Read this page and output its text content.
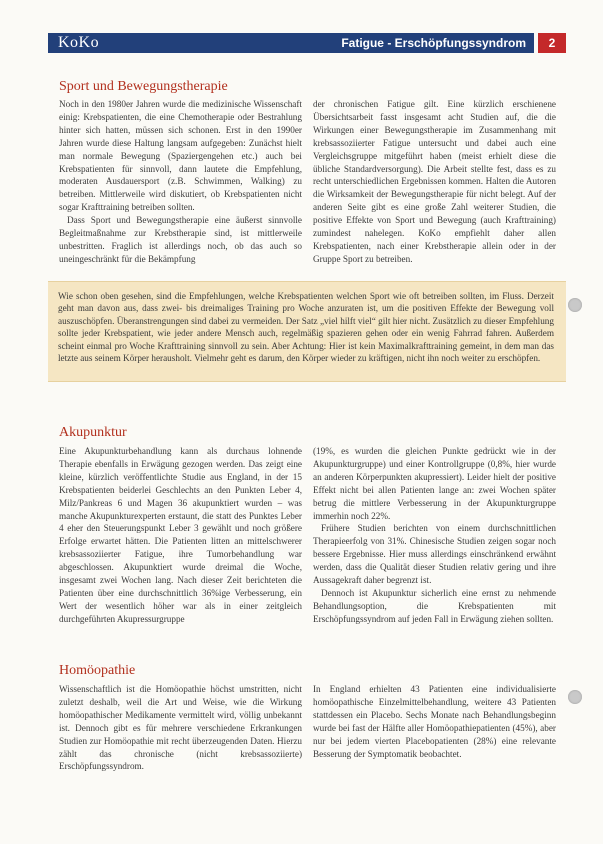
KoKo	Fatigue - Erschöpfungssyndrom	2
Sport und Bewegungstherapie

Noch in den 1980er Jahren wurde die medizinische Wissenschaft einig: Krebspatienten, die eine Chemotherapie oder Bestrahlung hinter sich hatten, müssen sich schonen. Erst in den 1990er Jahren wurde diese Haltung langsam aufgegeben: Zunächst hielt man normale Bewegung (Spaziergengehen etc.) auch bei Krebspatienten für sinnvoll, dann lautete die Empfehlung, moderaten Ausdauersport (z.B. Schwimmen, Walking) zu betreiben. Mittlerweile wird diskutiert, ob Krebspatienten nicht sogar Krafttraining betreiben sollten.

Dass Sport und Bewegungstherapie eine äußerst sinnvolle Begleitmaßnahme zur Krebstherapie sind, ist mittlerweile unbestritten. Fraglich ist allerdings noch, ob das auch so uneingeschränkt für die Bekämpfung

der chronischen Fatigue gilt. Eine kürzlich erschienene Übersichtsarbeit fasst insgesamt acht Studien auf, die die Wirkungen einer Bewegungstherapie im Zusammenhang mit krebsassoziierter Fatigue untersucht und dabei auch eine Vergleichsgruppe mitgeführt haben (meist erhielt diese die übliche Standardversorgung). Die Arbeit stellte fest, dass es zu recht unterschiedlichen Ergebnissen kommen. Halten die Autoren die Wirksamkeit der Bewegungstherapie für nicht belegt. Auf der anderen Seite gibt es eine große Zahl weiterer Studien, die positive Effekte von Sport und Bewegung (auch Krafttraining) zumindest nahelegen. KoKo empfiehlt daher allen Krebspatienten, nach einer Krebstherapie allein oder in der Gruppe Sport zu betreiben.

Wie schon oben gesehen, sind die Empfehlungen, welche Krebspatienten welchen Sport wie oft betreiben sollten, im Fluss. Derzeit geht man davon aus, dass zwei- bis dreimaliges Training pro Woche anzuraten ist, um die positiven Effekte der Bewegung voll auszuschöpfen. Überanstrengungen sind dabei zu vermeiden. Der Satz „viel hilft viel“ gilt hier nicht. Zusätzlich zu dieser Empfehlung sollte jeder Krebspatient, wie jeder andere Mensch auch, regelmäßig spazieren gehen oder ein wenig Fahrrad fahren. Außerdem scheint einmal pro Woche Krafttraining sinnvoll zu sein. Aber Achtung: Hier ist kein Maximalkrafttraining gemeint, in dem man das letzte aus seinem Körper herausholt. Vielmehr geht es darum, den Körper wieder zu kräftigen, nicht ihn noch weiter zu erschöpfen.

Akupunktur

Eine Akupunkturbehandlung kann als durchaus lohnende Therapie ebenfalls in Erwägung gezogen werden. Das zeigt eine kleine, kürzlich veröffentlichte Studie aus England, in der 15 Krebspatienten beiderlei Geschlechts an den Punkten Leber 4, Milz/Pankreas 6 und Magen 36 akupunktiert wurden – was manche Akupunkturexperten erstaunt, die statt des Punktes Leber 4 eher den Steuerungspunkt Leber 3 gewählt und noch größere Erfolge erwartet hätten. Die Patienten litten an mittelschwerer krebsassoziierter Fatigue, ihre Tumorbehandlung war abgeschlossen. Akupunktiert wurde dreimal die Woche, insgesamt zwei Wochen lang. Nach dieser Zeit berichteten die Patienten über eine durchschnittlich 36%ige Verbesserung, ein Wert der wesentlich höher war als in einer zeitgleich durchgeführten Akupressurgruppe

(19%, es wurden die gleichen Punkte gedrückt wie in der Akupunkturgruppe) und einer Kontrollgruppe (0,8%, hier wurde an anderen Körperpunkten akupressiert). Leider hielt der positive Effekt nicht bei allen Patienten lange an: zwei Wochen später betrug die mittlere Verbesserung in der Akupunkturgruppe immerhin noch 22%.

Frühere Studien berichten von einem durchschnittlichen Therapieerfolg von 31%. Chinesische Studien zeigen sogar noch bessere Ergebnisse. Hier muss allerdings einschränkend erwähnt werden, dass die Qualität dieser Studien relativ gering und ihre Aussagekraft daher begrenzt ist.

Dennoch ist Akupunktur sicherlich eine ernst zu nehmende Behandlungsoption, die Krebspatienten mit Erschöpfungssyndrom auf jeden Fall in Erwägung ziehen sollten.

Homöopathie

Wissenschaftlich ist die Homöopathie höchst umstritten, nicht zuletzt deshalb, weil die Art und Weise, wie die Wirkung homöopathischer Medikamente vermittelt wird, völlig unbekannt ist. Dennoch gibt es für mehrere verschiedene Erkrankungen Studien zur Homöopathie mit recht überzeugenden Daten. Hierzu zählt das chronische (nicht krebsassoziierte) Erschöpfungssyndrom.

In England erhielten 43 Patienten eine individualisierte homöopathische Einzelmittelbehandlung, weitere 43 Patienten stattdessen ein Placebo. Sechs Monate nach Behandlungsbeginn wurde bei fast der Hälfte aller Homöopathiepatienten (45%), aber nur bei jedem vierten Placebopatienten (28%) eine relevante Besserung der Symptomatik beobachtet.
